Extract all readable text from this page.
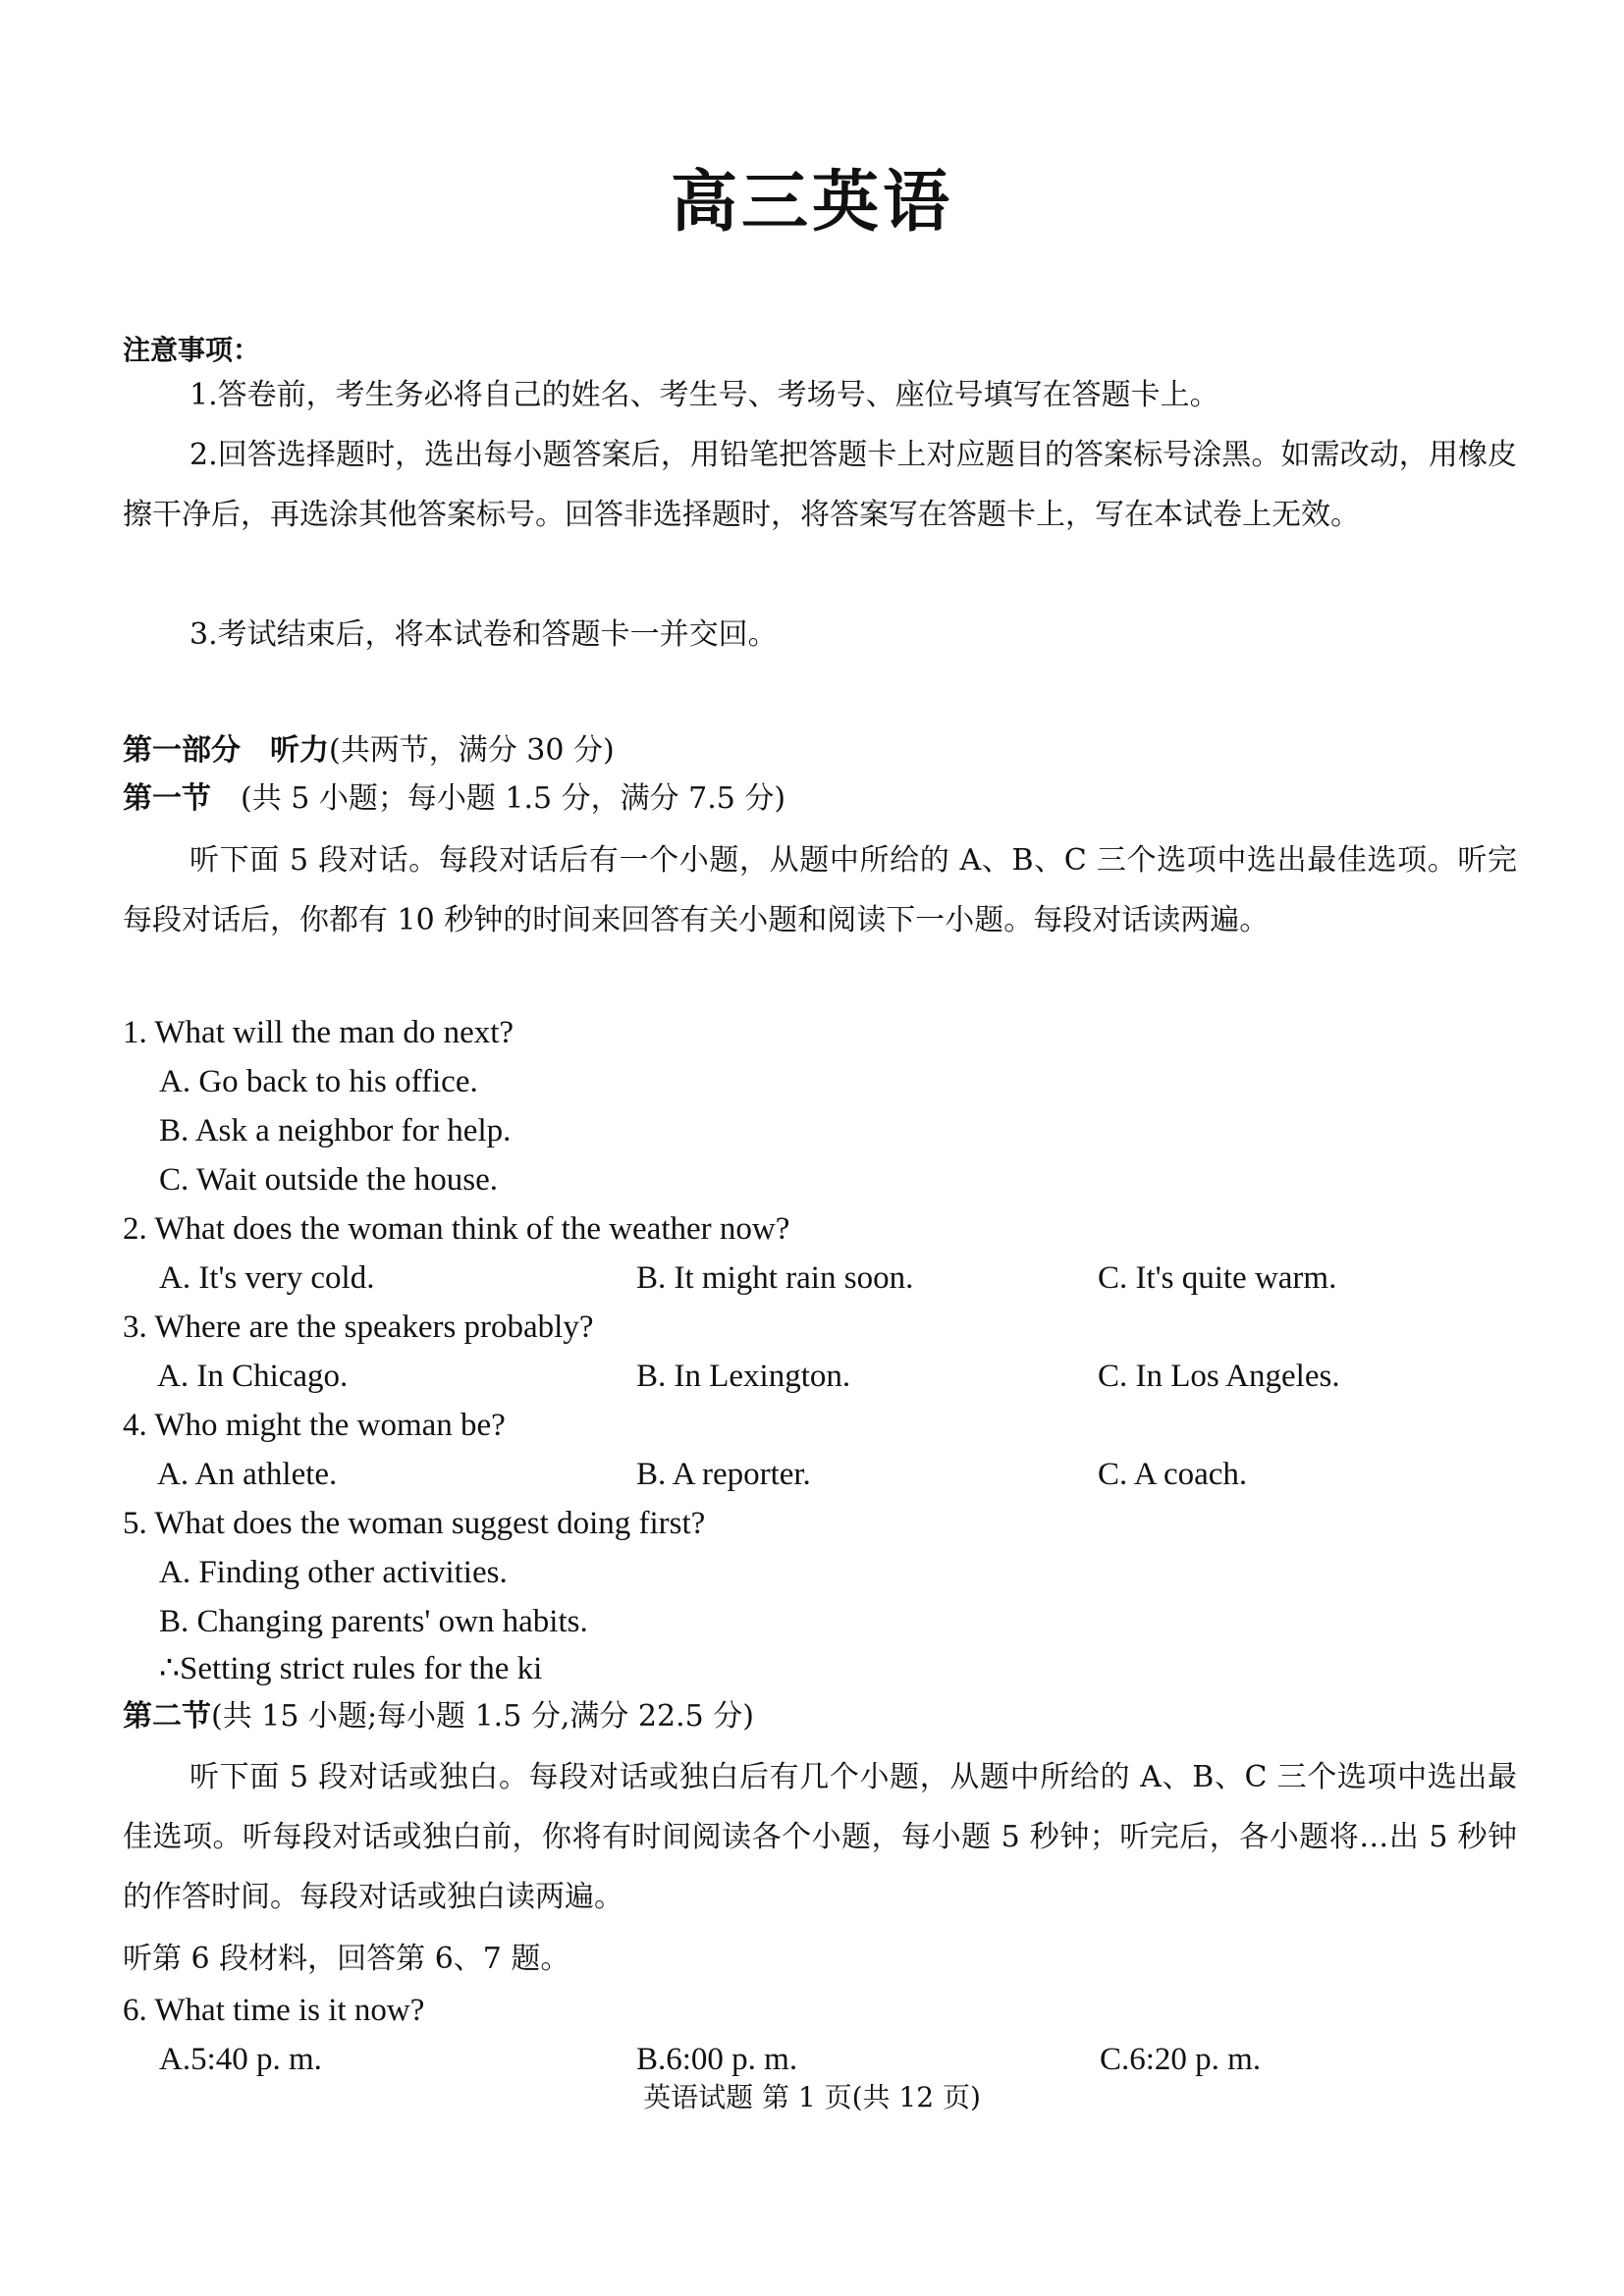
高三英语
注意事项：
1.答卷前，考生务必将自己的姓名、考生号、考场号、座位号填写在答题卡上。
2.回答选择题时，选出每小题答案后，用铅笔把答题卡上对应题目的答案标号涂黑。如需改动，用橡皮擦干净后，再选涂其他答案标号。回答非选择题时，将答案写在答题卡上，写在本试卷上无效。
3.考试结束后，将本试卷和答题卡一并交回。
第一部分　听力(共两节，满分 30 分)
第一节　(共 5 小题；每小题 1.5 分，满分 7.5 分)
听下面 5 段对话。每段对话后有一个小题，从题中所给的 A、B、C 三个选项中选出最佳选项。听完每段对话后，你都有 10 秒钟的时间来回答有关小题和阅读下一小题。每段对话读两遍。
1. What will the man do next?
A. Go back to his office.
B. Ask a neighbor for help.
C. Wait outside the house.
2. What does the woman think of the weather now?
A. It's very cold.	B. It might rain soon.	C. It's quite warm.
3. Where are the speakers probably?
A. In Chicago.	B. In Lexington.	C. In Los Angeles.
4. Who might the woman be?
A. An athlete.	B. A reporter.	C. A coach.
5. What does the woman suggest doing first?
A. Finding other activities.
B. Changing parents' own habits.
∴Setting strict rules for the ki
第二节(共 15 小题;每小题 1.5 分,满分 22.5 分)
听下面 5 段对话或独白。每段对话或独白后有几个小题，从题中所给的 A、B、C 三个选项中选出最佳选项。听每段对话或独白前，你将有时间阅读各个小题，每小题 5 秒钟；听完后，各小题将…出 5 秒钟的作答时间。每段对话或独白读两遍。
听第 6 段材料，回答第 6、7 题。
6. What time is it now?
A.5:40 p. m.	B.6:00 p. m.	C.6:20 p. m.
英语试题 第 1 页(共 12 页)
